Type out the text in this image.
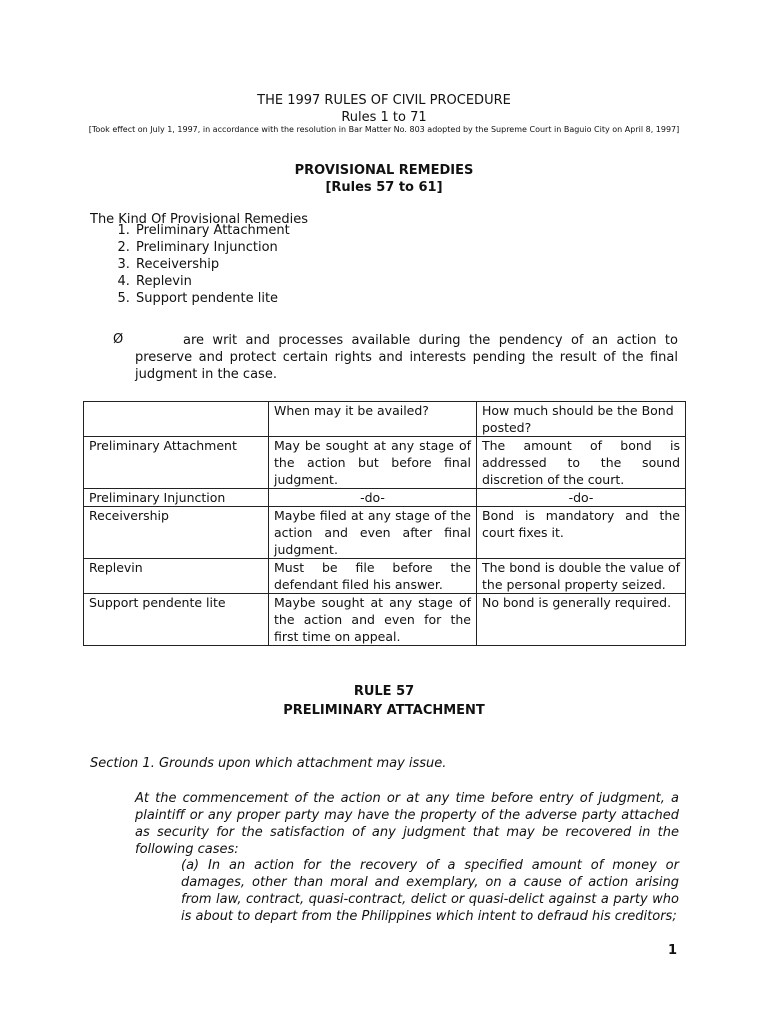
THE 1997 RULES OF CIVIL PROCEDURE
Rules 1 to 71
[Took effect on July 1, 1997, in accordance with the resolution in Bar Matter No. 803 adopted by the Supreme Court in Baguio City on April 8, 1997]
PROVISIONAL REMEDIES
[Rules 57 to 61]
The Kind Of Provisional Remedies
1. Preliminary Attachment
2. Preliminary Injunction
3. Receivership
4. Replevin
5. Support pendente lite
Ø	are writ and processes available during the pendency of an action to preserve and protect certain rights and interests pending the result of the final judgment in the case.
	When may it be availed?	How much should be the Bond posted?
Preliminary Attachment	May be sought at any stage of the action but before final judgment.	The amount of bond is addressed to the sound discretion of the court.
Preliminary Injunction	-do-	-do-
Receivership	Maybe filed at any stage of the action and even after final judgment.	Bond is mandatory and the court fixes it.
Replevin	Must be file before the defendant filed his answer.	The bond is double the value of the personal property seized.
Support pendente lite	Maybe sought at any stage of the action and even for the first time on appeal.	No bond is generally required.
RULE 57
PRELIMINARY ATTACHMENT
Section 1. Grounds upon which attachment may issue.
At the commencement of the action or at any time before entry of judgment, a plaintiff or any proper party may have the property of the adverse party attached as security for the satisfaction of any judgment that may be recovered in the following cases:
(a) In an action for the recovery of a specified amount of money or damages, other than moral and exemplary, on a cause of action arising from law, contract, quasi-contract, delict or quasi-delict against a party who is about to depart from the Philippines which intent to defraud his creditors;
1
